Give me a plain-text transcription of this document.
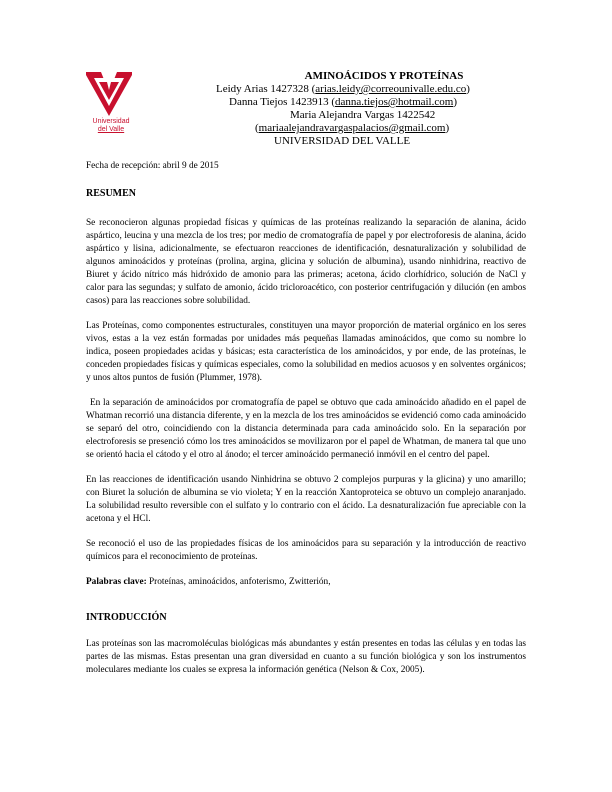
Universidad
del Valle
AMINOÁCIDOS Y PROTEÍNAS
Leidy Arias 1427328 (arias.leidy@correounivalle.edu.co)
Danna Tiejos 1423913 (danna.tiejos@hotmail.com)
Maria Alejandra Vargas 1422542
(mariaalejandravargaspalacios@gmail.com)
UNIVERSIDAD DEL VALLE

Fecha de recepción: abril 9 de 2015

RESUMEN

Se reconocieron algunas propiedad físicas y químicas de las proteínas realizando la separación de alanina, ácido aspártico, leucina y una mezcla de los tres; por medio de cromatografía de papel y por electroforesis de alanina, ácido aspártico y lisina, adicionalmente, se efectuaron reacciones de identificación, desnaturalización y solubilidad de algunos aminoácidos y proteínas (prolina, argina, glicina y solución de albumina), usando ninhidrina, reactivo de Biuret y ácido nítrico más hidróxido de amonio para las primeras; acetona, ácido clorhídrico, solución de NaCl y calor para las segundas; y sulfato de amonio, ácido tricloroacético, con posterior centrifugación y dilución (en ambos casos) para las reacciones sobre solubilidad.

Las Proteínas, como componentes estructurales, constituyen una mayor proporción de material orgánico en los seres vivos, estas a la vez están formadas por unidades más pequeñas llamadas aminoácidos, que como su nombre lo indica, poseen propiedades acidas y básicas; esta característica de los aminoácidos, y por ende, de las proteínas, le conceden propiedades físicas y químicas especiales, como la solubilidad en medios acuosos y en solventes orgánicos; y unos altos puntos de fusión (Plummer, 1978).

En la separación de aminoácidos por cromatografía de papel se obtuvo que cada aminoácido añadido en el papel de Whatman recorrió una distancia diferente, y en la mezcla de los tres aminoácidos se evidenció como cada aminoácido se separó del otro, coincidiendo con la distancia determinada para cada aminoácido solo. En la separación por electroforesis se presenció cómo los tres aminoácidos se movilizaron por el papel de Whatman, de manera tal que uno se orientó hacia el cátodo y el otro al ánodo; el tercer aminoácido permaneció inmóvil en el centro del papel.

En las reacciones de identificación usando Ninhidrina se obtuvo 2 complejos purpuras y la glicina) y uno amarillo; con Biuret la solución de albumina se vio violeta; Y en la reacción Xantoproteica se obtuvo un complejo anaranjado. La solubilidad resulto reversible con el sulfato y lo contrario con el ácido. La desnaturalización fue apreciable con la acetona y el HCl.

Se reconoció el uso de las propiedades físicas de los aminoácidos para su separación y la introducción de reactivo químicos para el reconocimiento de proteínas.

Palabras clave: Proteínas, aminoácidos, anfoterismo, Zwitterión,

INTRODUCCIÓN

Las proteínas son las macromoléculas biológicas más abundantes y están presentes en todas las células y en todas las partes de las mismas. Estas presentan una gran diversidad en cuanto a su función biológica y son los instrumentos moleculares mediante los cuales se expresa la información genética (Nelson & Cox, 2005).
